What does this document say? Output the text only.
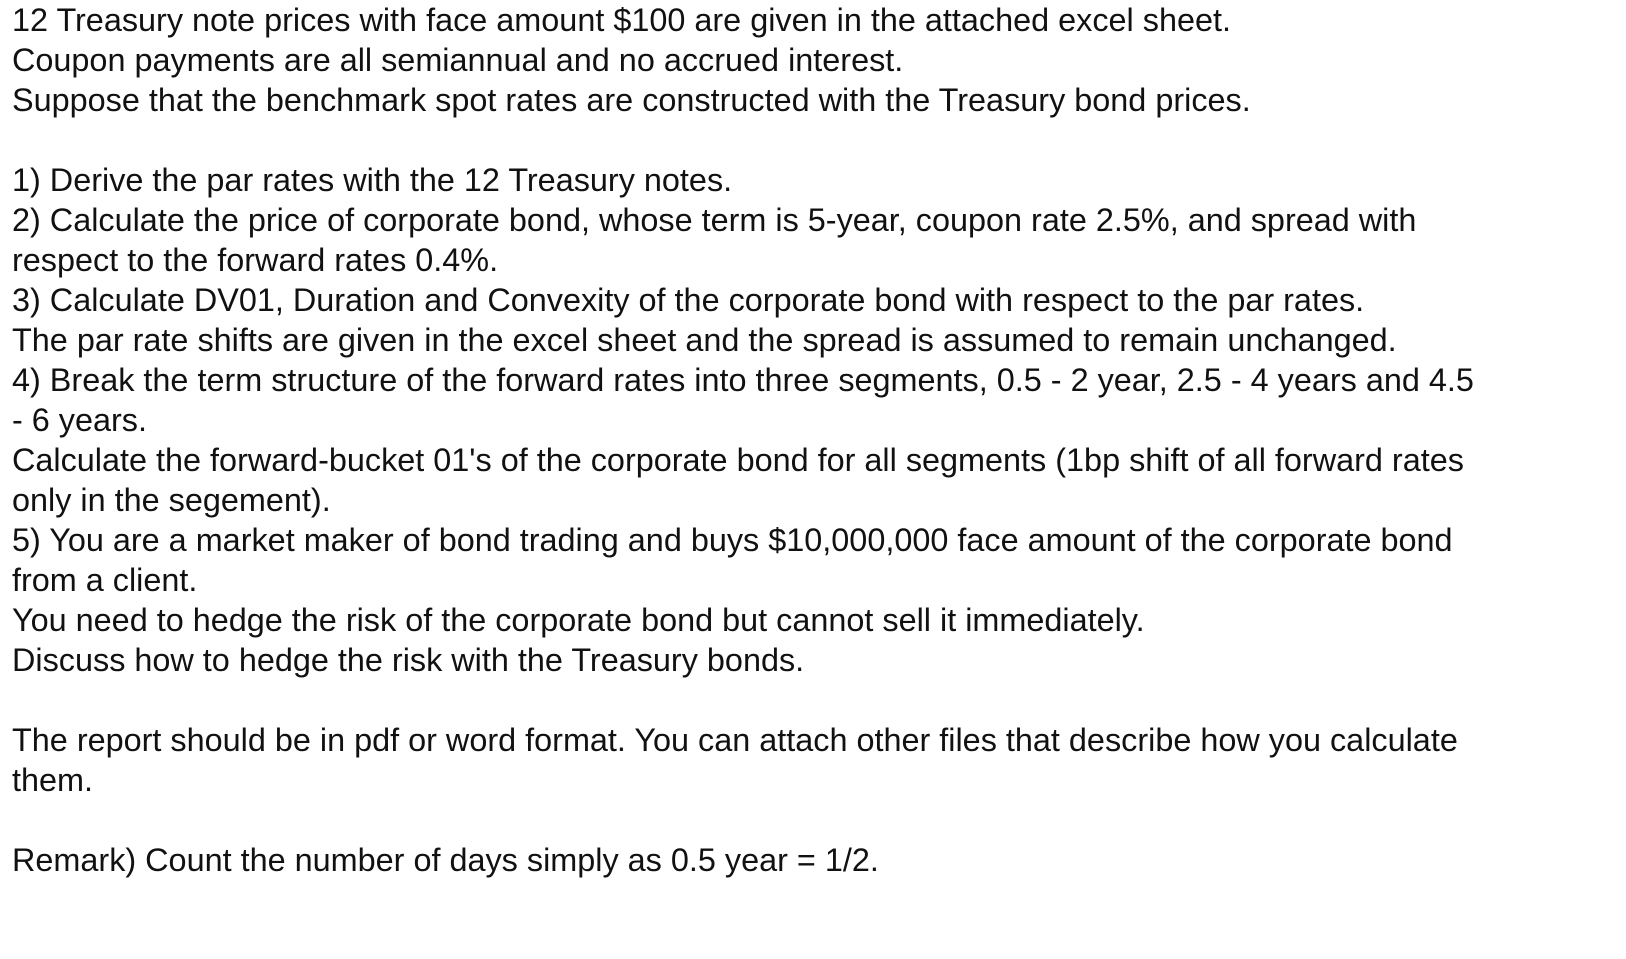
12 Treasury note prices with face amount $100 are given in the attached excel sheet.
Coupon payments are all semiannual and no accrued interest.
Suppose that the benchmark spot rates are constructed with the Treasury bond prices.
1) Derive the par rates with the 12 Treasury notes.
2) Calculate the price of corporate bond, whose term is 5-year, coupon rate 2.5%, and spread with
respect to the forward rates 0.4%.
3) Calculate DV01, Duration and Convexity of the corporate bond with respect to the par rates.
The par rate shifts are given in the excel sheet and the spread is assumed to remain unchanged.
4) Break the term structure of the forward rates into three segments, 0.5 - 2 year, 2.5 - 4 years and 4.5
- 6 years.
Calculate the forward-bucket 01's of the corporate bond for all segments (1bp shift of all forward rates
only in the segement).
5) You are a market maker of bond trading and buys $10,000,000 face amount of the corporate bond
from a client.
You need to hedge the risk of the corporate bond but cannot sell it immediately.
Discuss how to hedge the risk with the Treasury bonds.
The report should be in pdf or word format. You can attach other files that describe how you calculate
them.
Remark) Count the number of days simply as 0.5 year = 1/2.
